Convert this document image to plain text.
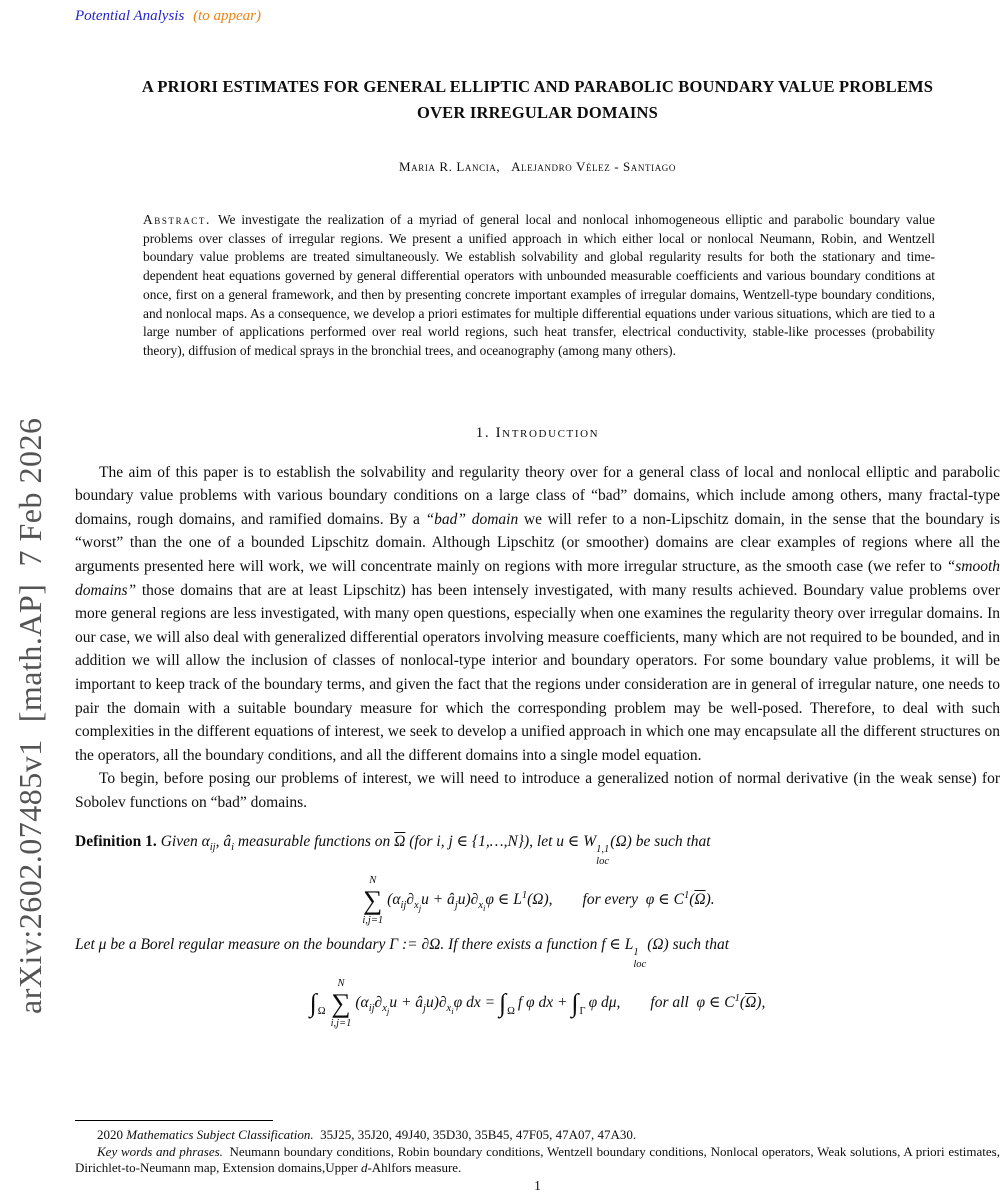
arXiv:2602.07485v1  [math.AP]  7 Feb 2026
Potential Analysis (to appear)
A PRIORI ESTIMATES FOR GENERAL ELLIPTIC AND PARABOLIC BOUNDARY VALUE PROBLEMS
OVER IRREGULAR DOMAINS
Maria R. Lancia,   Alejandro Vélez - Santiago
Abstract. We investigate the realization of a myriad of general local and nonlocal inhomogeneous elliptic and parabolic boundary value problems over classes of irregular regions. We present a unified approach in which either local or nonlocal Neumann, Robin, and Wentzell boundary value problems are treated simultaneously. We establish solvability and global regularity results for both the stationary and time-dependent heat equations governed by general differential operators with unbounded measurable coefficients and various boundary conditions at once, first on a general framework, and then by presenting concrete important examples of irregular domains, Wentzell-type boundary conditions, and nonlocal maps. As a consequence, we develop a priori estimates for multiple differential equations under various situations, which are tied to a large number of applications performed over real world regions, such heat transfer, electrical conductivity, stable-like processes (probability theory), diffusion of medical sprays in the bronchial trees, and oceanography (among many others).
1. Introduction

The aim of this paper is to establish the solvability and regularity theory over for a general class of local and nonlocal elliptic and parabolic boundary value problems with various boundary conditions on a large class of “bad” domains, which include among others, many fractal-type domains, rough domains, and ramified domains. By a “bad” domain we will refer to a non-Lipschitz domain, in the sense that the boundary is “worst” than the one of a bounded Lipschitz domain. Although Lipschitz (or smoother) domains are clear examples of regions where all the arguments presented here will work, we will concentrate mainly on regions with more irregular structure, as the smooth case (we refer to “smooth domains” those domains that are at least Lipschitz) has been intensely investigated, with many results achieved. Boundary value problems over more general regions are less investigated, with many open questions, especially when one examines the regularity theory over irregular domains. In our case, we will also deal with generalized differential operators involving measure coefficients, many which are not required to be bounded, and in addition we will allow the inclusion of classes of nonlocal-type interior and boundary operators. For some boundary value problems, it will be important to keep track of the boundary terms, and given the fact that the regions under consideration are in general of irregular nature, one needs to pair the domain with a suitable boundary measure for which the corresponding problem may be well-posed. Therefore, to deal with such complexities in the different equations of interest, we seek to develop a unified approach in which one may encapsulate all the different structures on the operators, all the boundary conditions, and all the different domains into a single model equation.

To begin, before posing our problems of interest, we will need to introduce a generalized notion of normal derivative (in the weak sense) for Sobolev functions on “bad” domains.

Definition 1. Given $\alpha_{ij}$, $â_i$ measurable functions on $\overline{\Omega}$ (for i, j ∈ {1,…,N}), let u ∈ W 1,1
loc
(Ω) be such that
N
∑
i,j=1
($\alpha_{ij}\partial_{x_j}u$ + $â_ju)\partial_{x_i}\varphi$ ∈ $L^1(\Omega)$, for every φ ∈ $C^1(\overline{\Omega})$.
Let μ be a Borel regular measure on the boundary Γ := ∂Ω. If there exists a function f ∈ L 1
loc
(Ω) such that
$\int_\Omega$
N
∑
i,j=1
($\alpha_{ij}\partial_{x_j}u$ + $â_ju)\partial_{x_i}\varphi$ dx = $\int_\Omega f$ φ dx + $\int_\Gamma\varphi$ dμ, for all φ ∈ $C^1(\overline{\Omega})$,

2020 Mathematics Subject Classification. 35J25, 35J20, 49J40, 35D30, 35B45, 47F05, 47A07, 47A30.

Key words and phrases. Neumann boundary conditions, Robin boundary conditions, Wentzell boundary conditions, Nonlocal operators, Weak solutions, A priori estimates, Dirichlet-to-Neumann map, Extension domains,Upper d-Ahlfors measure.

1
